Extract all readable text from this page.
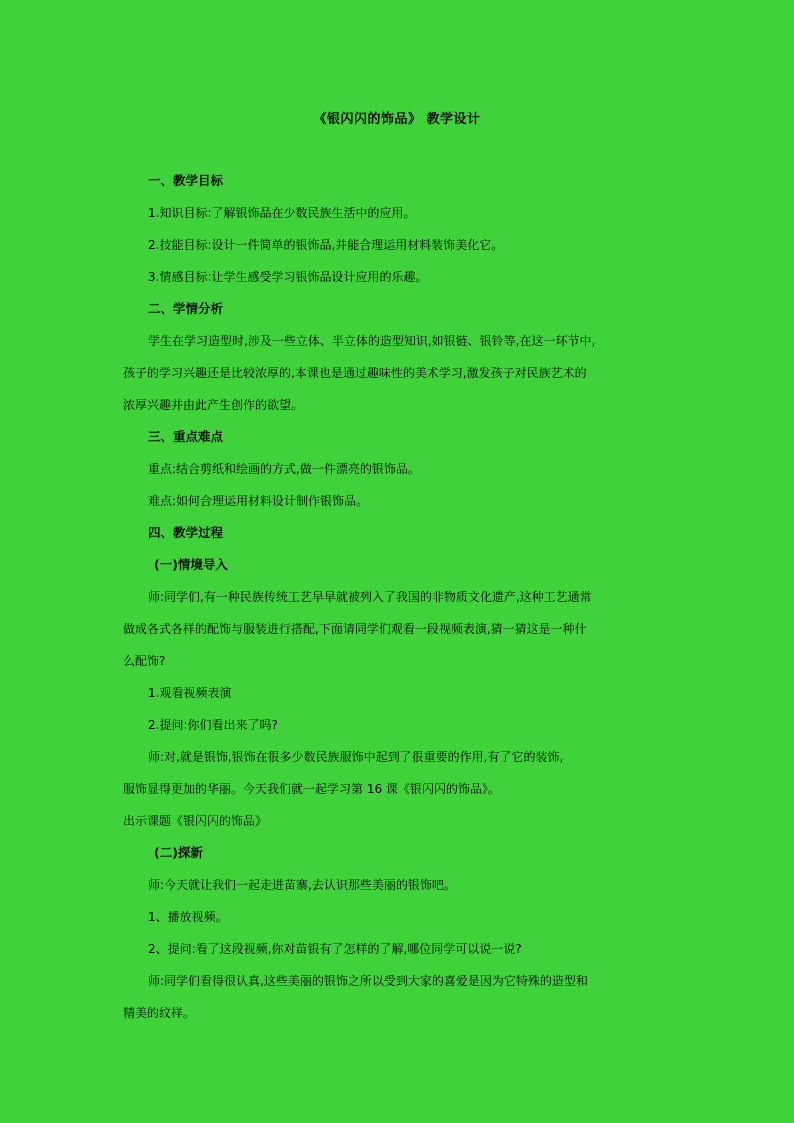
《银闪闪的饰品》 教学设计
一、教学目标
1.知识目标:了解银饰品在少数民族生活中的应用。
2.技能目标:设计一件简单的银饰品,并能合理运用材料装饰美化它。
3.情感目标:让学生感受学习银饰品设计应用的乐趣。
二、学情分析
学生在学习造型时,涉及一些立体、半立体的造型知识,如银链、银铃等,在这一环节中,
孩子的学习兴趣还是比较浓厚的,本课也是通过趣味性的美术学习,激发孩子对民族艺术的
浓厚兴趣并由此产生创作的欲望。
三、重点难点
重点:结合剪纸和绘画的方式,做一件漂亮的银饰品。
难点:如何合理运用材料设计制作银饰品。
四、教学过程
(一)情境导入
师:同学们,有一种民族传统工艺早早就被列入了我国的非物质文化遗产,这种工艺通常
做成各式各样的配饰与服装进行搭配,下面请同学们观看一段视频表演,猜一猜这是一种什
么配饰?
1.观看视频表演
2.提问:你们看出来了吗?
师:对,就是银饰,银饰在很多少数民族服饰中起到了很重要的作用,有了它的装饰,
服饰显得更加的华丽。今天我们就一起学习第 16 课《银闪闪的饰品》。
出示课题《银闪闪的饰品》
(二)探新
师:今天就让我们一起走进苗寨,去认识那些美丽的银饰吧。
1、播放视频。
2、提问:看了这段视频,你对苗银有了怎样的了解,哪位同学可以说一说?
师:同学们看得很认真,这些美丽的银饰之所以受到大家的喜爱是因为它特殊的造型和
精美的纹样。
